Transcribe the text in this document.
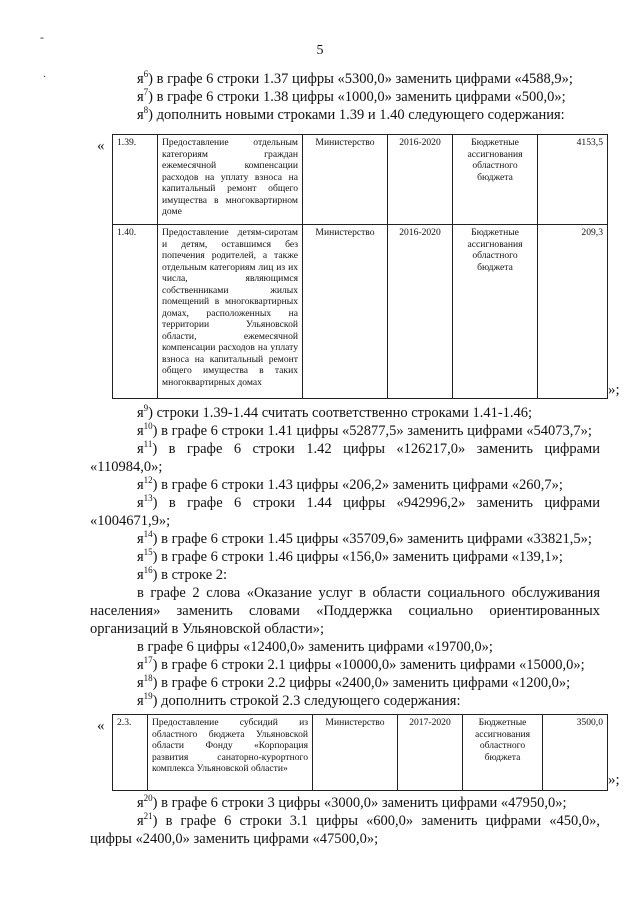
-
.
5
$я^6$) в графе 6 строки 1.37 цифры «5300,0» заменить цифрами «4588,9»;
$я^7$) в графе 6 строки 1.38 цифры «1000,0» заменить цифрами «500,0»;
$я^8$) дополнить новыми строками 1.39 и 1.40 следующего содержания:
« 1.39.	Предоставление отдельным категориям граждан ежемесячной компенсации расходов на уплату взноса на капитальный ремонт общего имущества в многоквартирном доме	Министерство	2016-2020	Бюджетные ассигнования областного бюджета	4153,5
1.40.	Предоставление детям-сиротам и детям, оставшимся без попечения родителей, а также отдельным категориям лиц из их числа, являющимся собственниками жилых помещений в многоквартирных домах, расположенных на территории Ульяновской области, ежемесячной компенсации расходов на уплату взноса на капитальный ремонт общего имущества в таких многоквартирных домах	Министерство	2016-2020	Бюджетные ассигнования областного бюджета	209,3
»;
$я^9$) строки 1.39-1.44 считать соответственно строками 1.41-1.46;
$я^{10}$) в графе 6 строки 1.41 цифры «52877,5» заменить цифрами «54073,7»;
$я^{11}$) в графе 6 строки 1.42 цифры «126217,0» заменить цифрами
«110984,0»;
$я^{12}$) в графе 6 строки 1.43 цифры «206,2» заменить цифрами «260,7»;
$я^{13}$) в графе 6 строки 1.44 цифры «942996,2» заменить цифрами
«1004671,9»;
$я^{14}$) в графе 6 строки 1.45 цифры «35709,6» заменить цифрами «33821,5»;
$я^{15}$) в графе 6 строки 1.46 цифры «156,0» заменить цифрами «139,1»;
$я^{16}$) в строке 2:
в графе 2 слова «Оказание услуг в области социального обслуживания
населения» заменить словами «Поддержка социально ориентированных
организаций в Ульяновской области»;
в графе 6 цифры «12400,0» заменить цифрами «19700,0»;
$я^{17}$) в графе 6 строки 2.1 цифры «10000,0» заменить цифрами «15000,0»;
$я^{18}$) в графе 6 строки 2.2 цифры «2400,0» заменить цифрами «1200,0»;
$я^{19}$) дополнить строкой 2.3 следующего содержания:
« 2.3.	Предоставление субсидий из областного бюджета Ульяновской области Фонду «Корпорация развития санаторно-курортного комплекса Ульяновской области»	Министерство	2017-2020	Бюджетные ассигнования областного бюджета	3500,0
»;
$я^{20}$) в графе 6 строки 3 цифры «3000,0» заменить цифрами «47950,0»;
$я^{21}$) в графе 6 строки 3.1 цифры «600,0» заменить цифрами «450,0»,
цифры «2400,0» заменить цифрами «47500,0»;
